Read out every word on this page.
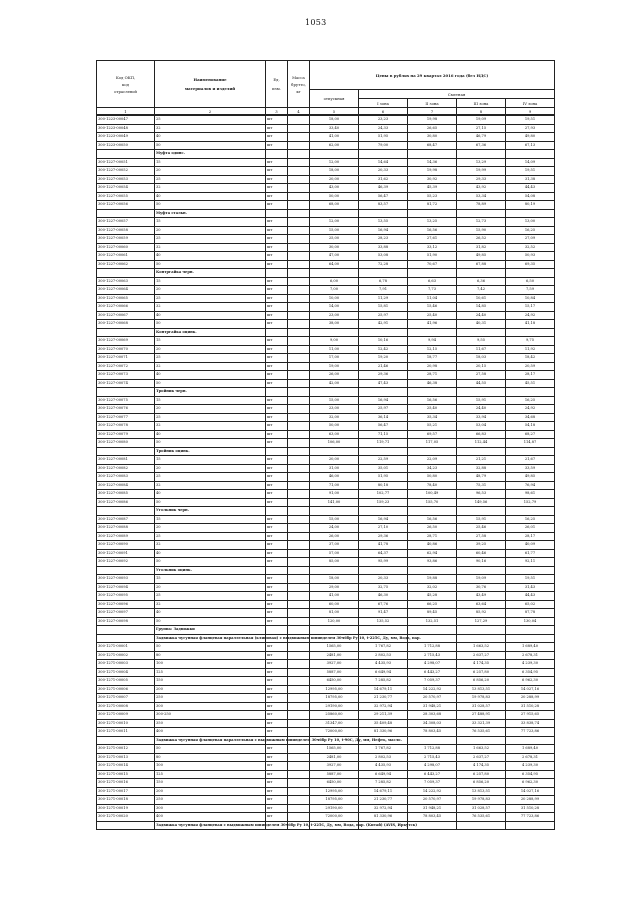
1053
Код ОКП,
код
отраслевой	Наименование
материалов и изделий	Ед.
изм.	Масса
брутто,
кг	Цены в рублях на 29 квартал 2016 года (без НДС)				
				отпускная	Сметная			
					I зона	II зона	III зона	IV зона
1	2	3	4	5	6	7	8	9
300-1223-00047	25	шт		18,00	23,23	19,98	19,09	19,51
300-1223-00048	32	шт		33,40	24,33	26,65	27,15	27,93
300-1223-00049	40	шт		41,00	51,95	30,80	46,79	49,80
300-1223-00050	50	шт		62,00	79,00	68,47	67,36	67,13
	Муфта одинс.							
300-1227-00051	15	шт		12,00	14,64	14,36	13,29	14,09
300-1227-00052	20	шт		18,00	20,33	19,98	19,99	19,51
300-1227-00053	25	шт		20,00	31,62	30,92	29,33	31,38
300-1227-00054	32	шт		43,00	46,39	45,39	43,92	44,43
300-1227-00055	40	шт		50,00	56,47	55,23	53,34	54,08
300-1227-00056	50	шт		68,00	83,57	81,72	78,89	80,19
	Муфта стальн.							
300-1227-00057	15	шт		12,00	13,55	13,25	12,73	13,00
300-1227-00058	20	шт		15,00	16,94	16,56	15,90	16,25
300-1227-00059	25	шт		25,00	28,23	27,61	26,52	27,09
300-1227-00060	32	шт		30,00	33,88	33,12	31,82	32,52
300-1227-00061	40	шт		47,00	53,08	51,90	49,85	50,93
300-1227-00062	50	шт		64,00	72,28	70,67	67,88	69,35
	Контргайка черн.							
300-1227-00063	15	шт		6,00	6,78	6,63	6,36	6,50
300-1227-00064	20	шт		7,00	7,91	7,73	7,42	7,59
300-1227-00065	25	шт		10,00	11,29	11,04	10,61	10,84
300-1227-00066	32	шт		14,00	15,81	15,46	14,85	15,17
300-1227-00067	40	шт		23,00	25,97	25,40	24,40	24,92
300-1227-00068	50	шт		38,00	42,91	41,96	40,31	41,18
	Контргайка оцинк.							
300-1227-00069	15	шт		9,00	10,16	9,94	9,55	9,75
300-1227-00070	20	шт		11,00	12,42	12,15	11,67	11,92
300-1227-00071	25	шт		17,00	19,20	18,77	18,03	18,42
300-1227-00072	32	шт		19,00	21,46	20,98	20,15	20,59
300-1227-00073	40	шт		26,00	29,36	28,71	27,58	28,17
300-1227-00074	50	шт		42,00	47,43	46,38	44,55	45,51
	Тройник черн.							
300-1227-00075	15	шт		15,00	16,94	16,56	15,91	16,25
300-1227-00076	20	шт		23,00	25,97	25,40	24,40	24,92
300-1227-00077	25	шт		32,00	36,14	35,34	33,94	34,68
300-1227-00078	32	шт		50,00	56,47	55,21	53,04	54,18
300-1227-00079	40	шт		63,00	71,15	69,57	66,83	68,27
300-1227-00080	50	шт		106,00	119,71	117,05	112,44	114,87
	Тройник оцинк.							
300-1227-00081	15	шт		20,00	22,59	22,09	21,21	21,67
300-1227-00082	20	шт		31,00	35,01	34,23	32,88	33,59
300-1227-00083	25	шт		46,00	51,95	50,80	48,79	49,85
300-1227-00084	32	шт		71,00	80,18	78,40	75,31	76,94
300-1227-00085	40	шт		91,00	102,77	100,49	96,53	98,61
300-1227-00086	50	шт		141,00	159,23	155,70	149,56	152,79
	Угольник черн.							
300-1227-00087	15	шт		15,00	16,94	16,56	15,91	16,25
300-1227-00088	20	шт		24,00	27,10	26,50	25,46	26,01
300-1227-00089	25	шт		26,00	29,36	28,71	27,58	28,17
300-1227-00090	32	шт		37,00	41,78	40,86	39,25	40,09
300-1227-00091	40	шт		57,00	64,37	62,94	60,46	61,77
300-1227-00092	50	шт		85,00	95,99	93,86	90,16	92,11
	Угольник оцинк.							
300-1227-00093	15	шт		18,00	20,33	19,88	19,09	19,51
300-1227-00094	20	шт		29,00	32,75	32,02	30,76	31,43
300-1227-00095	25	шт		41,00	46,30	45,28	43,49	44,43
300-1227-00096	32	шт		60,00	67,76	66,25	63,64	65,02
300-1227-00097	40	шт		81,00	91,47	89,45	85,92	87,78
300-1227-00098	50	шт		120,00	135,52	132,51	127,29	130,04
	Группа: Задвижки							
	Задвижка чугунная фланцевая параллельная (клиновая) с выдвижным шпинделем 30ч6бр Ру 10, t-225С, Ду, мм, Вода, пар.							
300-1271-00001	50	шт		1565,00	1 767,82	1 712,88	1 663,52	1 689,40
300-1271-00002	80	шт		2481,00	2 802,53	2 715,43	2 637,27	2 678,31
300-1271-00003	100	шт		3927,00	4 435,93	4 298,07	4 174,35	4 239,30
300-1271-00004	125	шт		5887,00	6 649,94	6 443,27	6 257,80	6 354,95
300-1271-00005	150	шт		6450,00	7 285,82	7 059,37	6 856,20	6 962,30
300-1271-00006	200	шт		12995,00	14 679,11	14 222,92	13 813,51	14 027,16
300-1271-00007	250	шт		18795,00	21 230,77	20 570,97	19 978,83	20 288,99
300-1271-00008	300	шт		29190,00	32 972,94	31 948,21	31 028,57	31 510,28
300-1271-00009	300-250	шт		25860,00	29 211,39	28 303,68	27 488,91	27 915,65
300-1271-00010	350	шт		31347,00	35 409,48	34 308,03	33 321,39	33 838,74
300-1271-00011	400	шт		72000,00	81 330,96	78 803,45	76 535,61	77 723,86
	Задвижка чугунная фланцевая параллельная с выдвижным шпинделем 30ч6бр Ру 10, t-90С, Ду, мм, Нефть, масло.							
300-1271-00012	50	шт		1565,00	1 767,82	1 712,88	1 663,52	1 689,40
300-1271-00013	80	шт		2481,00	2 802,53	2 715,43	2 637,27	2 678,31
300-1271-00014	100	шт		3927,00	4 435,93	4 298,07	4 174,35	4 239,30
300-1271-00015	125	шт		5887,00	6 649,94	6 443,27	6 257,80	6 354,95
300-1271-00016	150	шт		6450,00	7 285,82	7 059,37	6 856,20	6 962,30
300-1271-00017	200	шт		12995,00	14 679,11	14 222,92	13 813,51	14 027,16
300-1271-00018	250	шт		18795,00	21 230,77	20 570,97	19 978,83	20 288,99
300-1271-00019	300	шт		29190,00	32 972,94	31 948,21	31 028,57	31 510,28
300-1271-00020	400	шт		72000,00	81 330,96	78 803,45	76 535,61	77 723,86
	Задвижка чугунная фланцевая с выдвижным шпинделем 30ч6бр Ру 10, t-225С, Ду, мм, Вода, пар. (Китай) (AVIS, Иркутск)							
